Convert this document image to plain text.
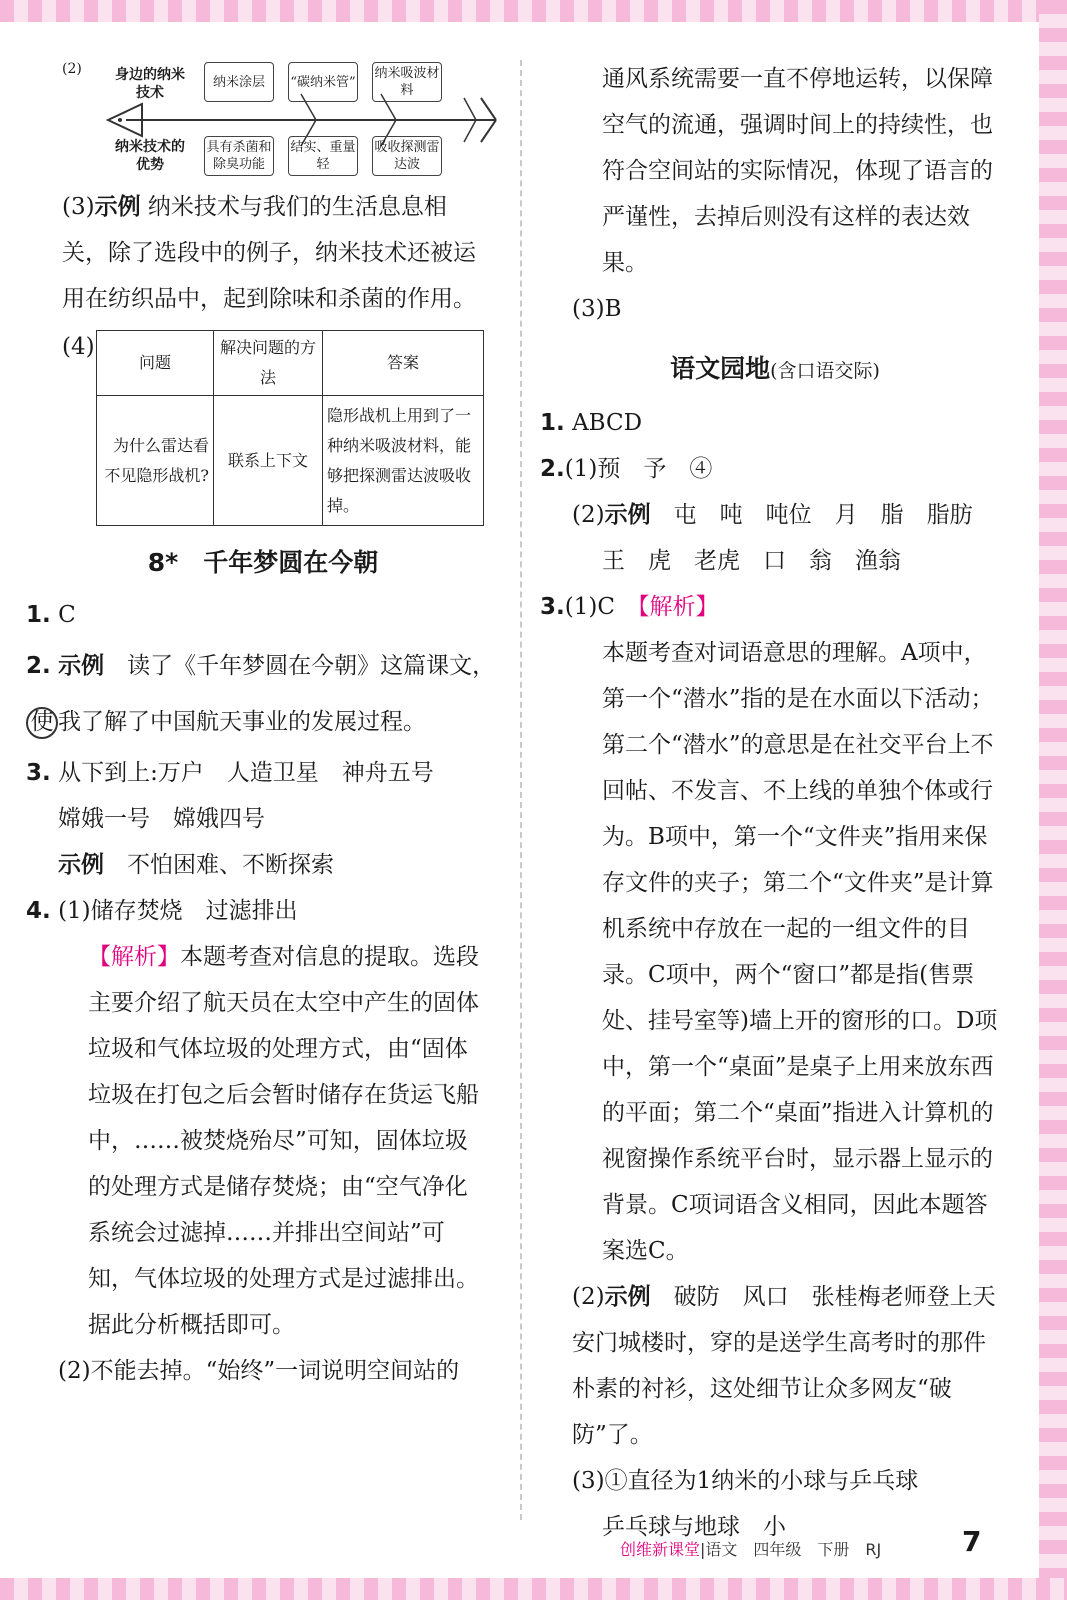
(2)	身边的纳米技术
纳米技术的优势
纳米涂层	“碳纳米管”
纳米吸波材料
具有杀菌和除臭功能
结实、重量轻
吸收探测雷达波

(3)示例 纳米技术与我们的生活息息相关，除了选段中的例子，纳米技术还被运用在纺织品中，起到除味和杀菌的作用。

(4)
问题	解决问题的方法	答案
为什么雷达看不见隐形战机?	联系上下文	隐形战机上用到了一种纳米吸波材料，能够把探测雷达波吸收掉。
8*　千年梦圆在今朝

1. C

2. 示例　 读了《千年梦圆在今朝》这篇课文，使 我了解了中国航天事业的发展过程。

3. 从下到上:万户　人造卫星　神舟五号

嫦娥一号　嫦娥四号

示例　 不怕困难、不断探索

4. (1)储存焚烧　过滤排出

【解析】本题考查对信息的提取。选段主要介绍了航天员在太空中产生的固体垃圾和气体垃圾的处理方式，由“固体垃圾在打包之后会暂时储存在货运飞船中，……被焚烧殆尽”可知，固体垃圾的处理方式是储存焚烧；由“空气净化系统会过滤掉……并排出空间站”可知，气体垃圾的处理方式是过滤排出。据此分析概括即可。

(2)不能去掉。“始终”一词说明空间站的

通风系统需要一直不停地运转，以保障空气的流通，强调时间上的持续性，也符合空间站的实际情况，体现了语言的严谨性，去掉后则没有这样的表达效果。

(3)B

语文园地(含口语交际)

1. ABCD

2.(1)预　予　④

(2)示例　 屯　吨　吨位　月　脂　脂肪

王　虎　老虎　口　翁　渔翁

3.(1)C　 【解析】

本题考查对词语意思的理解。A项中，第一个“潜水”指的是在水面以下活动；第二个“潜水”的意思是在社交平台上不回帖、不发言、不上线的单独个体或行为。B项中，第一个“文件夹”指用来保存文件的夹子；第二个“文件夹”是计算机系统中存放在一起的一组文件的目录。C项中，两个“窗口”都是指(售票处、挂号室等)墙上开的窗形的口。D项中，第一个“桌面”是桌子上用来放东西的平面；第二个“桌面”指进入计算机的视窗操作系统平台时，显示器上显示的背景。C项词语含义相同，因此本题答案选C。

(2)示例　 破防　风口　张桂梅老师登上天安门城楼时，穿的是送学生高考时的那件朴素的衬衫，这处细节让众多网友“破防”了。

(3)①直径为1纳米的小球与乒乓球

乒乓球与地球　小

创维新课堂|语文　四年级　下册　RJ	7
